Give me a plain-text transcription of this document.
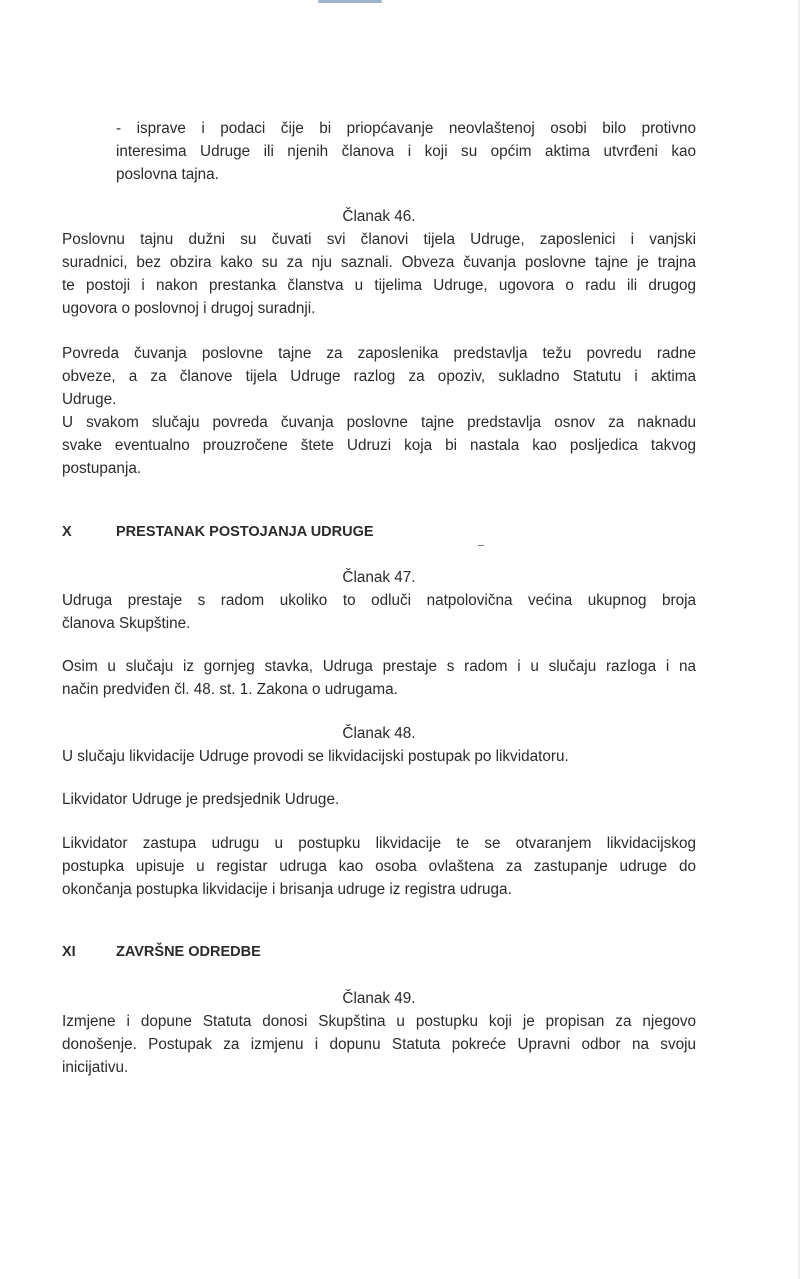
- isprave i podaci čije bi priopćavanje neovlaštenoj osobi bilo protivno
interesima Udruge ili njenih članova i koji su općim aktima utvrđeni kao
poslovna tajna.
Članak 46.
Poslovnu tajnu dužni su čuvati svi članovi tijela Udruge, zaposlenici i vanjski
suradnici, bez obzira kako su za nju saznali. Obveza čuvanja poslovne tajne je trajna
te postoji i nakon prestanka članstva u tijelima Udruge, ugovora o radu ili drugog
ugovora o poslovnoj i drugoj suradnji.
Povreda čuvanja poslovne tajne za zaposlenika predstavlja težu povredu radne
obveze, a za članove tijela Udruge razlog za opoziv, sukladno Statutu i aktima
Udruge.
U svakom slučaju povreda čuvanja poslovne tajne predstavlja osnov za naknadu
svake eventualno prouzročene štete Udruzi koja bi nastala kao posljedica takvog
postupanja.
X	PRESTANAK POSTOJANJA UDRUGE
Članak 47.
Udruga prestaje s radom ukoliko to odluči natpolovična većina ukupnog broja
članova Skupštine.
Osim u slučaju iz gornjeg stavka, Udruga prestaje s radom i u slučaju razloga i na
način predviđen čl. 48. st. 1. Zakona o udrugama.
Članak 48.
U slučaju likvidacije Udruge provodi se likvidacijski postupak po likvidatoru.
Likvidator Udruge je predsjednik Udruge.
Likvidator zastupa udrugu u postupku likvidacije te se otvaranjem likvidacijskog
postupka upisuje u registar udruga kao osoba ovlaštena za zastupanje udruge do
okončanja postupka likvidacije i brisanja udruge iz registra udruga.
XI	ZAVRŠNE ODREDBE
Članak 49.
Izmjene i dopune Statuta donosi Skupština u postupku koji je propisan za njegovo
donošenje. Postupak za izmjenu i dopunu Statuta pokreće Upravni odbor na svoju
inicijativu.
